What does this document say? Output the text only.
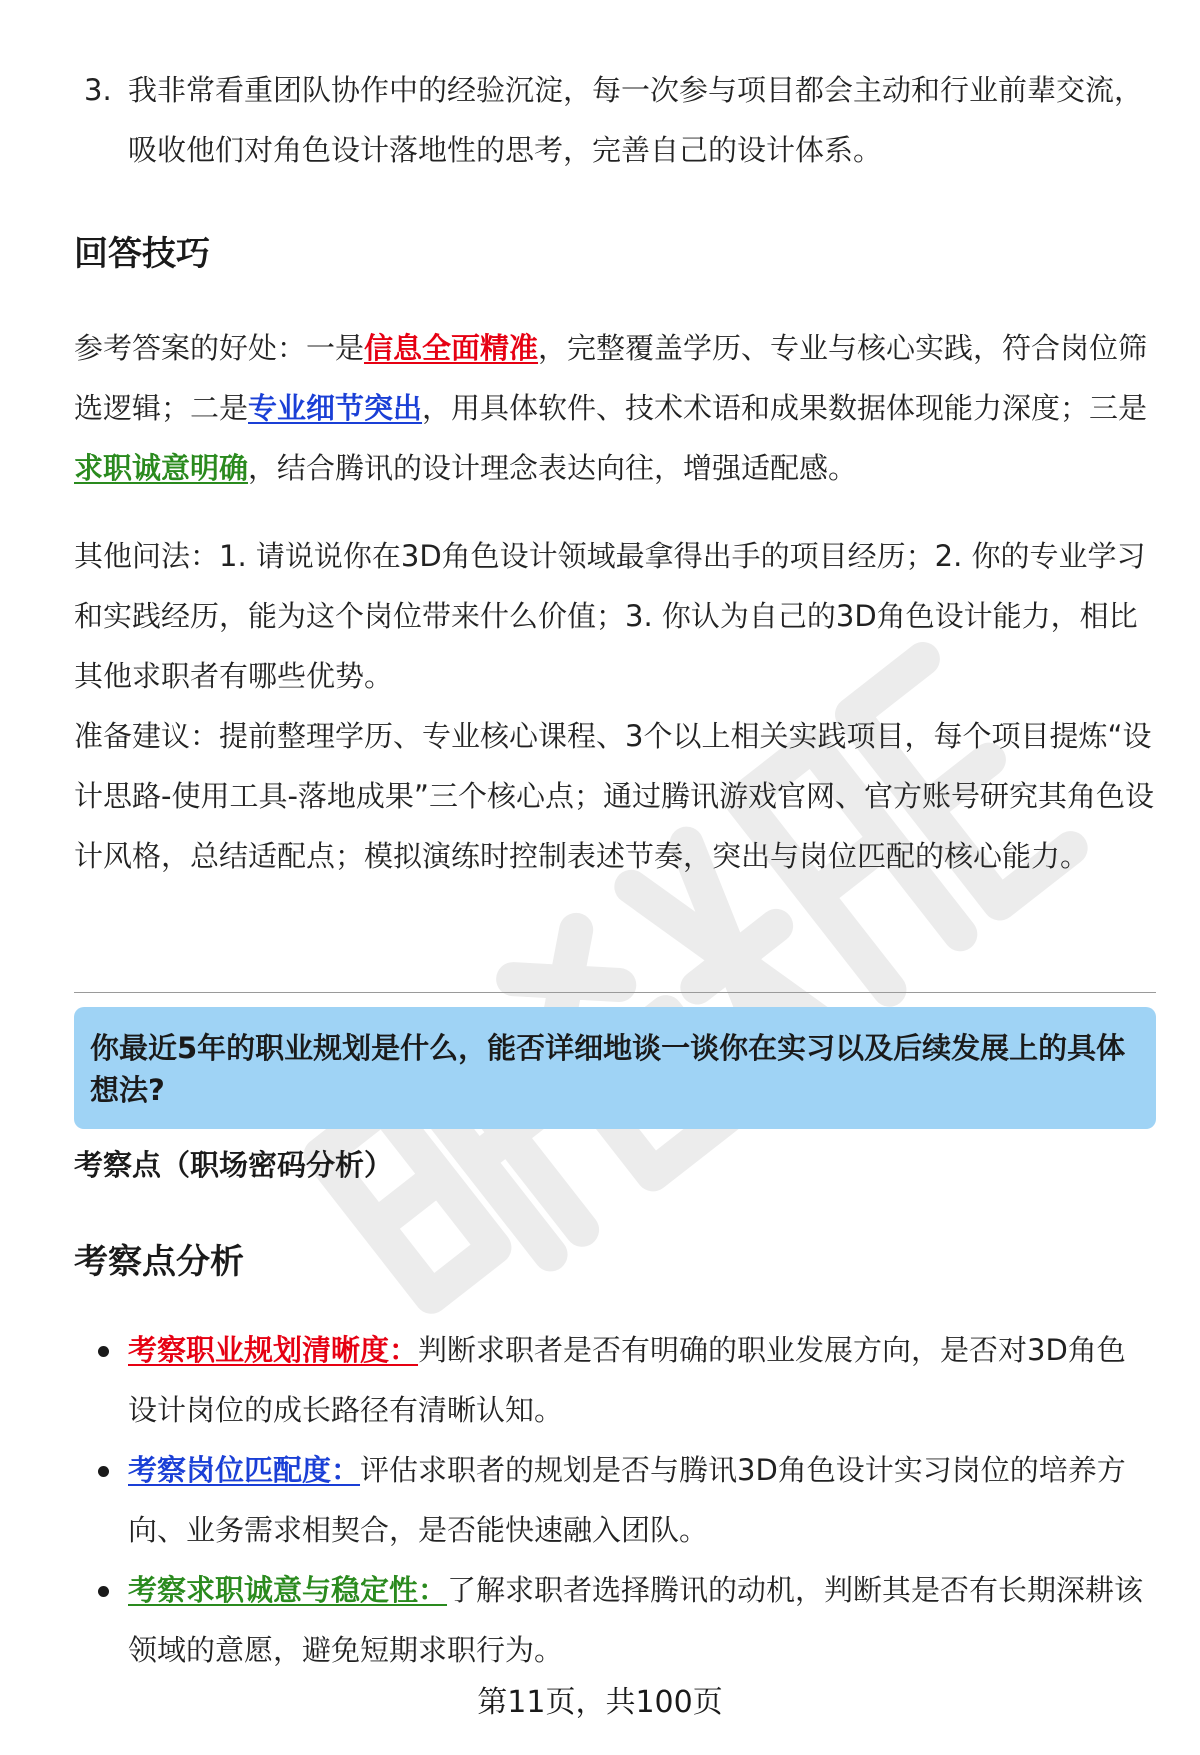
3. 我非常看重团队协作中的经验沉淀，每一次参与项目都会主动和行业前辈交流，吸收他们对角色设计落地性的思考，完善自己的设计体系。
回答技巧
参考答案的好处：一是信息全面精准，完整覆盖学历、专业与核心实践，符合岗位筛选逻辑；二是专业细节突出，用具体软件、技术术语和成果数据体现能力深度；三是求职诚意明确，结合腾讯的设计理念表达向往，增强适配感。
其他问法：1. 请说说你在3D角色设计领域最拿得出手的项目经历；2. 你的专业学习和实践经历，能为这个岗位带来什么价值；3. 你认为自己的3D角色设计能力，相比其他求职者有哪些优势。
准备建议：提前整理学历、专业核心课程、3个以上相关实践项目，每个项目提炼“设计思路-使用工具-落地成果”三个核心点；通过腾讯游戏官网、官方账号研究其角色设计风格，总结适配点；模拟演练时控制表述节奏，突出与岗位匹配的核心能力。
你最近5年的职业规划是什么，能否详细地谈一谈你在实习以及后续发展上的具体想法?
考察点（职场密码分析）
考察点分析
考察职业规划清晰度：判断求职者是否有明确的职业发展方向，是否对3D角色设计岗位的成长路径有清晰认知。
考察岗位匹配度：评估求职者的规划是否与腾讯3D角色设计实习岗位的培养方向、业务需求相契合，是否能快速融入团队。
考察求职诚意与稳定性：了解求职者选择腾讯的动机，判断其是否有长期深耕该领域的意愿，避免短期求职行为。
第11页，共100页
